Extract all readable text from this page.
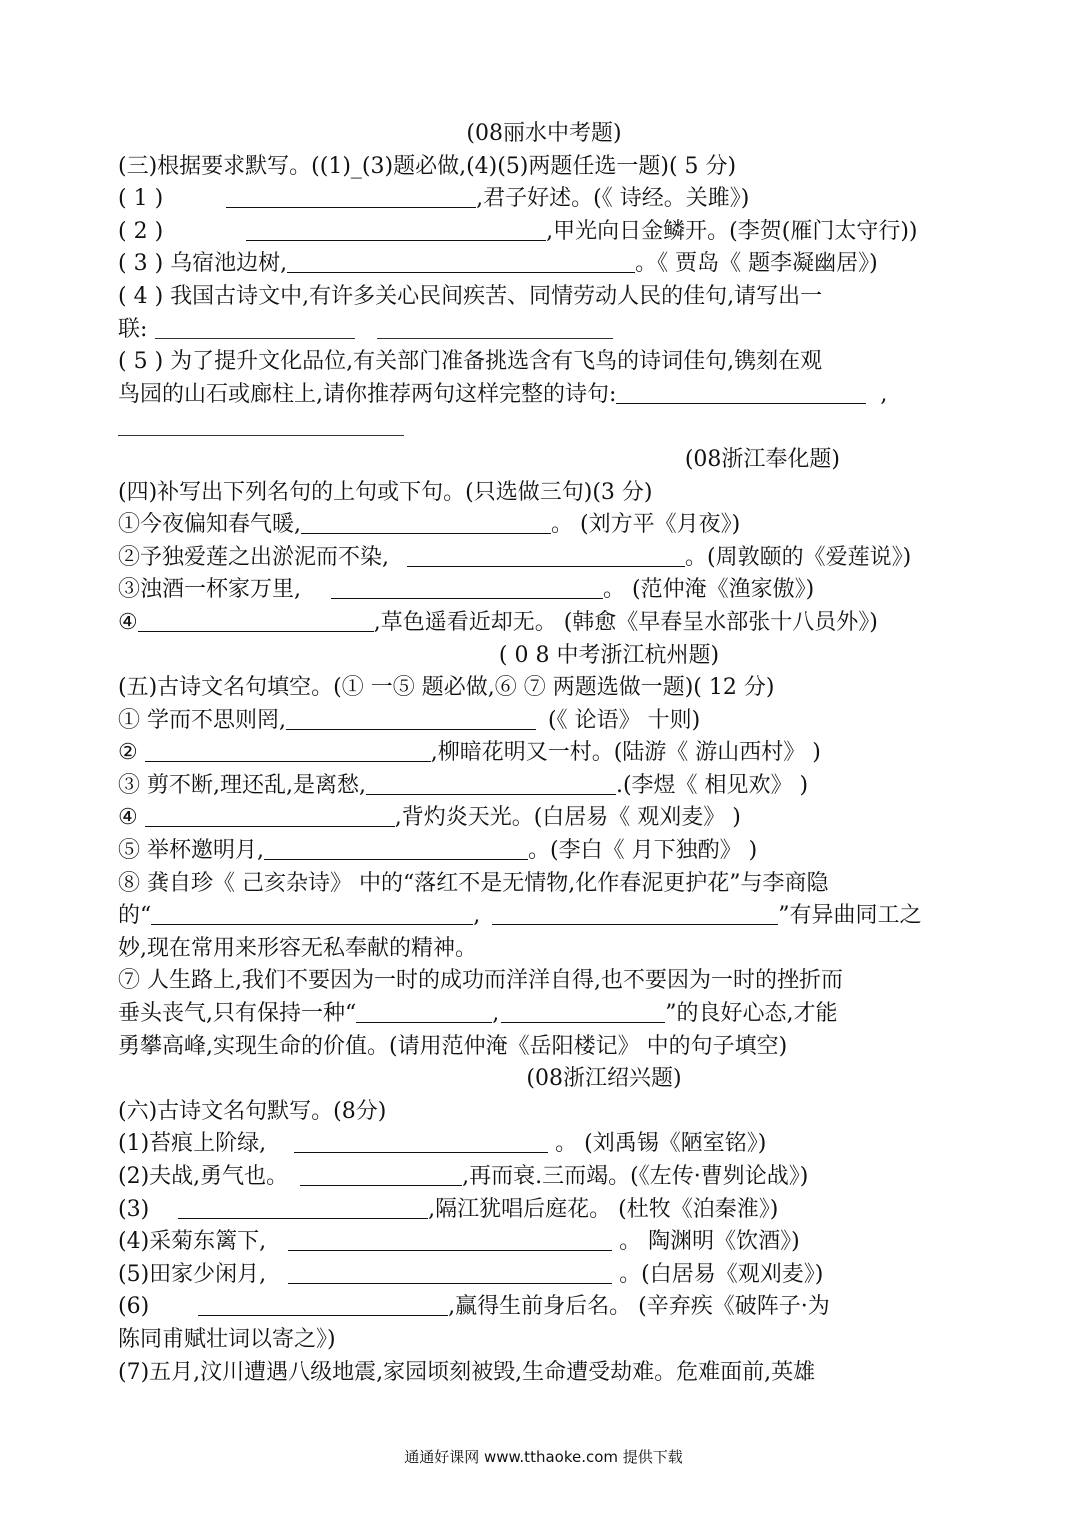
(08丽水中考题)
(三)根据要求默写。((1)_(3)题必做,(4)(5)两题任选一题)( 5 分)
( 1 )	,君子好述。(《 诗经。关雎》)
( 2 )	,甲光向日金鳞开。(李贺(雁门太守行))
( 3 ) 乌宿池边树,	。《 贾岛《 题李凝幽居》)
( 4 ) 我国古诗文中,有许多关心民间疾苦、同情劳动人民的佳句,请写出一
联:
( 5 ) 为了提升文化品位,有关部门准备挑选含有飞鸟的诗词佳句,镌刻在观
鸟园的山石或廊柱上,请你推荐两句这样完整的诗句:	,
(08浙江奉化题)
(四)补写出下列名句的上句或下句。(只选做三句)(3 分)
①今夜偏知春气暖,	。 (刘方平《月夜》)
②予独爱莲之出淤泥而不染,	。(周敦颐的《爱莲说》)
③浊酒一杯家万里,	。 (范仲淹《渔家傲》)
④	,草色遥看近却无。 (韩愈《早春呈水部张十八员外》)
( 0 8 中考浙江杭州题)
(五)古诗文名句填空。(① 一⑤ 题必做,⑥ ⑦ 两题选做一题)( 12 分)
① 学而不思则罔,	(《 论语》 十则)
②	,柳暗花明又一村。(陆游《 游山西村》 )
③ 剪不断,理还乱,是离愁,	.(李煜《 相见欢》 )
④	,背灼炎天光。(白居易《 观刈麦》 )
⑤ 举杯邀明月,	。(李白《 月下独酌》 )
⑧ 龚自珍《 己亥杂诗》 中的“落红不是无情物,化作春泥更护花”与李商隐
的“	,	”有异曲同工之
妙,现在常用来形容无私奉献的精神。
⑦ 人生路上,我们不要因为一时的成功而洋洋自得,也不要因为一时的挫折而
垂头丧气,只有保持一种“	,	”的良好心态,才能
勇攀高峰,实现生命的价值。(请用范仲淹《岳阳楼记》 中的句子填空)
(08浙江绍兴题)
(六)古诗文名句默写。(8分)
(1)苔痕上阶绿,	。 (刘禹锡《陋室铭》)
(2)夫战,勇气也。	,再而衰.三而竭。(《左传·曹刿论战》)
(3)	,隔江犹唱后庭花。 (杜牧《泊秦淮》)
(4)采菊东篱下,	。 陶渊明《饮酒》)
(5)田家少闲月,	。(白居易《观刈麦》)
(6)	,赢得生前身后名。 (辛弃疾《破阵子·为
陈同甫赋壮词以寄之》)
(7)五月,汶川遭遇八级地震,家园顷刻被毁,生命遭受劫难。危难面前,英雄
通通好课网 www.tthaoke.com 提供下载
